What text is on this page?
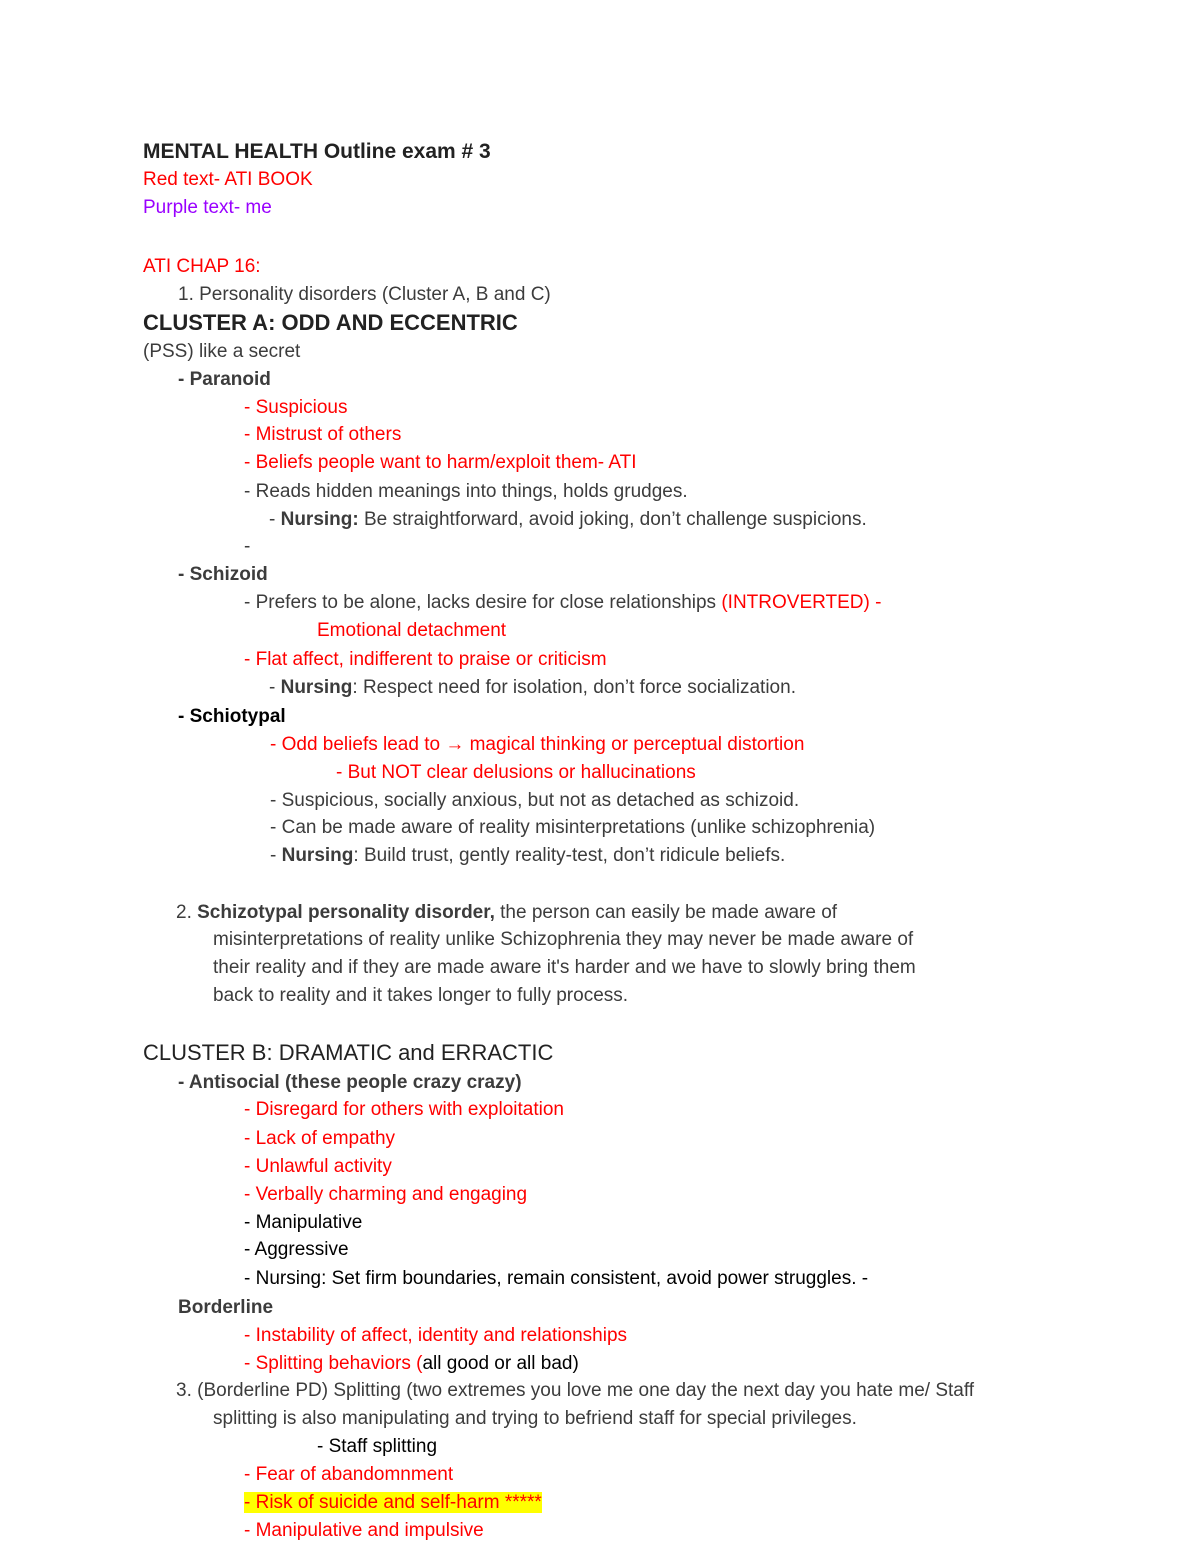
MENTAL HEALTH Outline exam # 3
Red text- ATI BOOK
Purple text- me
ATI CHAP 16:
1. Personality disorders (Cluster A, B and C)
CLUSTER A: ODD AND ECCENTRIC
(PSS) like a secret
- Paranoid
- Suspicious
- Mistrust of others
- Beliefs people want to harm/exploit them- ATI
- Reads hidden meanings into things, holds grudges.
- Nursing: Be straightforward, avoid joking, don’t challenge suspicions.
-
- Schizoid
- Prefers to be alone, lacks desire for close relationships (INTROVERTED) -
Emotional detachment
- Flat affect, indifferent to praise or criticism
- Nursing: Respect need for isolation, don’t force socialization.
- Schiotypal
- Odd beliefs lead to → magical thinking or perceptual distortion
- But NOT clear delusions or hallucinations
- Suspicious, socially anxious, but not as detached as schizoid.
- Can be made aware of reality misinterpretations (unlike schizophrenia)
- Nursing: Build trust, gently reality-test, don’t ridicule beliefs.
2. Schizotypal personality disorder, the person can easily be made aware of
misinterpretations of reality unlike Schizophrenia they may never be made aware of
their reality and if they are made aware it's harder and we have to slowly bring them
back to reality and it takes longer to fully process.
CLUSTER B: DRAMATIC and ERRACTIC
- Antisocial (these people crazy crazy)
- Disregard for others with exploitation
- Lack of empathy
- Unlawful activity
- Verbally charming and engaging
- Manipulative
- Aggressive
- Nursing: Set firm boundaries, remain consistent, avoid power struggles. -
Borderline
- Instability of affect, identity and relationships
- Splitting behaviors (all good or all bad)
3. (Borderline PD) Splitting (two extremes you love me one day the next day you hate me/ Staff
splitting is also manipulating and trying to befriend staff for special privileges.
- Staff splitting
- Fear of abandomnment
- Risk of suicide and self-harm *****
- Manipulative and impulsive
